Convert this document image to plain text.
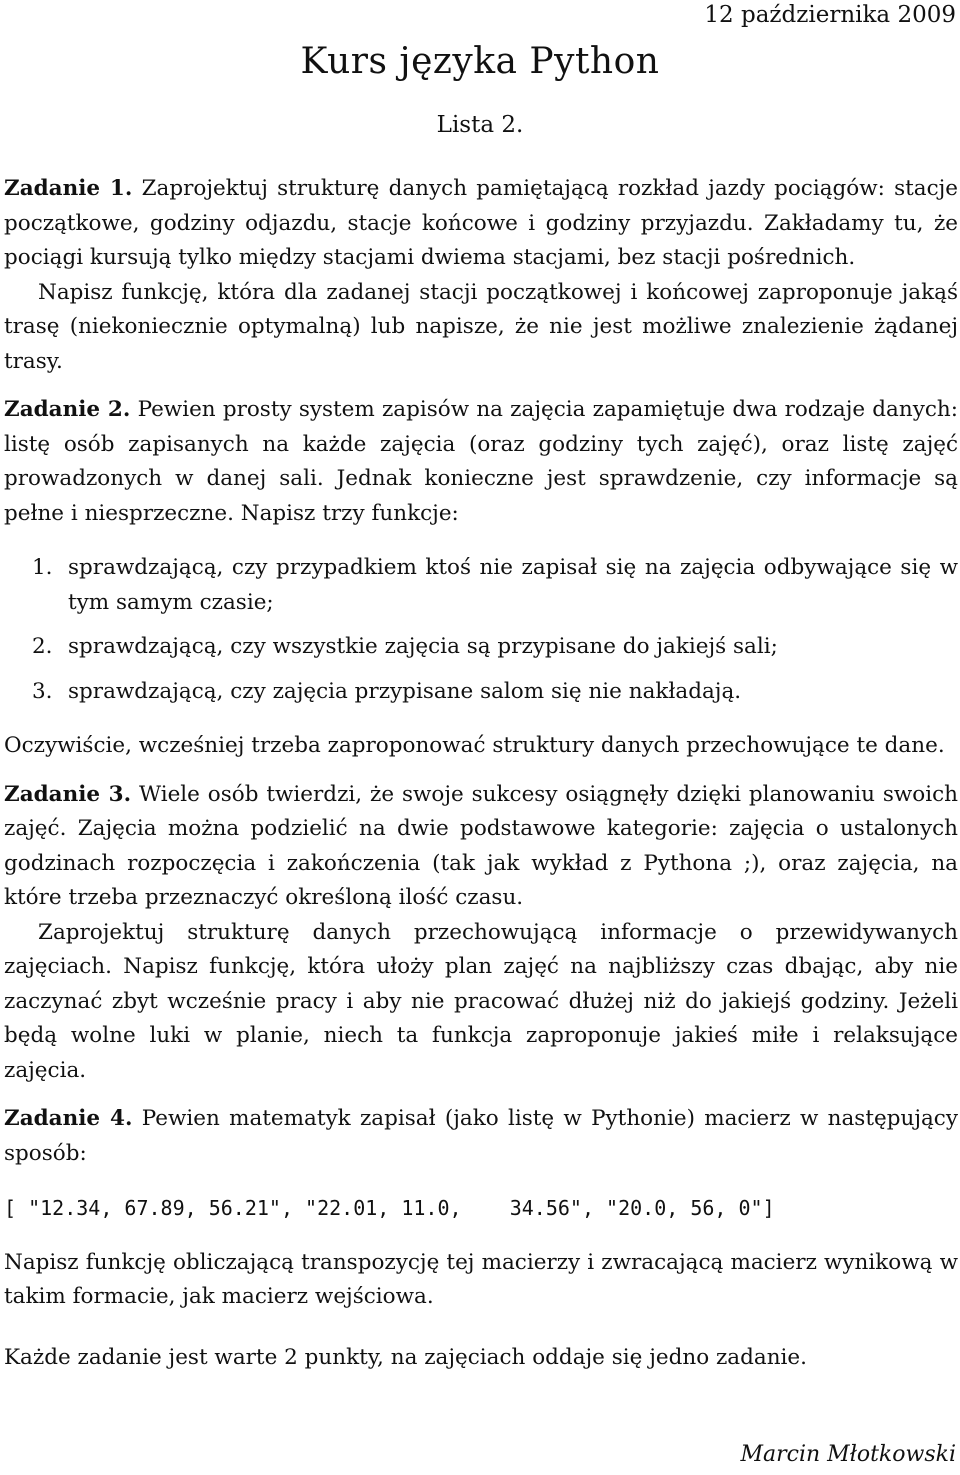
12 października 2009
Kurs języka Python
Lista 2.

Zadanie 1. Zaprojektuj strukturę danych pamiętającą rozkład jazdy pociągów: stacje początkowe, godziny odjazdu, stacje końcowe i godziny przyjazdu. Zakładamy tu, że pociągi kursują tylko między stacjami dwiema stacjami, bez stacji pośrednich.

Napisz funkcję, która dla zadanej stacji początkowej i końcowej zaproponuje jakąś trasę (niekoniecznie optymalną) lub napisze, że nie jest możliwe znalezienie żądanej trasy.

Zadanie 2. Pewien prosty system zapisów na zajęcia zapamiętuje dwa rodzaje danych: listę osób zapisanych na każde zajęcia (oraz godziny tych zajęć), oraz listę zajęć prowadzonych w danej sali. Jednak konieczne jest sprawdzenie, czy informacje są pełne i niesprzeczne. Napisz trzy funkcje:

1. sprawdzającą, czy przypadkiem ktoś nie zapisał się na zajęcia odbywające się w tym samym czasie;
2. sprawdzającą, czy wszystkie zajęcia są przypisane do jakiejś sali;
3. sprawdzającą, czy zajęcia przypisane salom się nie nakładają.

Oczywiście, wcześniej trzeba zaproponować struktury danych przechowujące te dane.

Zadanie 3. Wiele osób twierdzi, że swoje sukcesy osiągnęły dzięki planowaniu swoich zajęć. Zajęcia można podzielić na dwie podstawowe kategorie: zajęcia o ustalonych godzinach rozpoczęcia i zakończenia (tak jak wykład z Pythona ;), oraz zajęcia, na które trzeba przeznaczyć określoną ilość czasu.

Zaprojektuj strukturę danych przechowującą informacje o przewidywanych zajęciach. Napisz funkcję, która ułoży plan zajęć na najbliższy czas dbając, aby nie zaczynać zbyt wcześnie pracy i aby nie pracować dłużej niż do jakiejś godziny. Jeżeli będą wolne luki w planie, niech ta funkcja zaproponuje jakieś miłe i relaksujące zajęcia.

Zadanie 4. Pewien matematyk zapisał (jako listę w Pythonie) macierz w następujący sposób:

[ "12.34, 67.89, 56.21", "22.01, 11.0,    34.56", "20.0, 56, 0"]

Napisz funkcję obliczającą transpozycję tej macierzy i zwracającą macierz wynikową w takim formacie, jak macierz wejściowa.

Każde zadanie jest warte 2 punkty, na zajęciach oddaje się jedno zadanie.

Marcin Młotkowski
